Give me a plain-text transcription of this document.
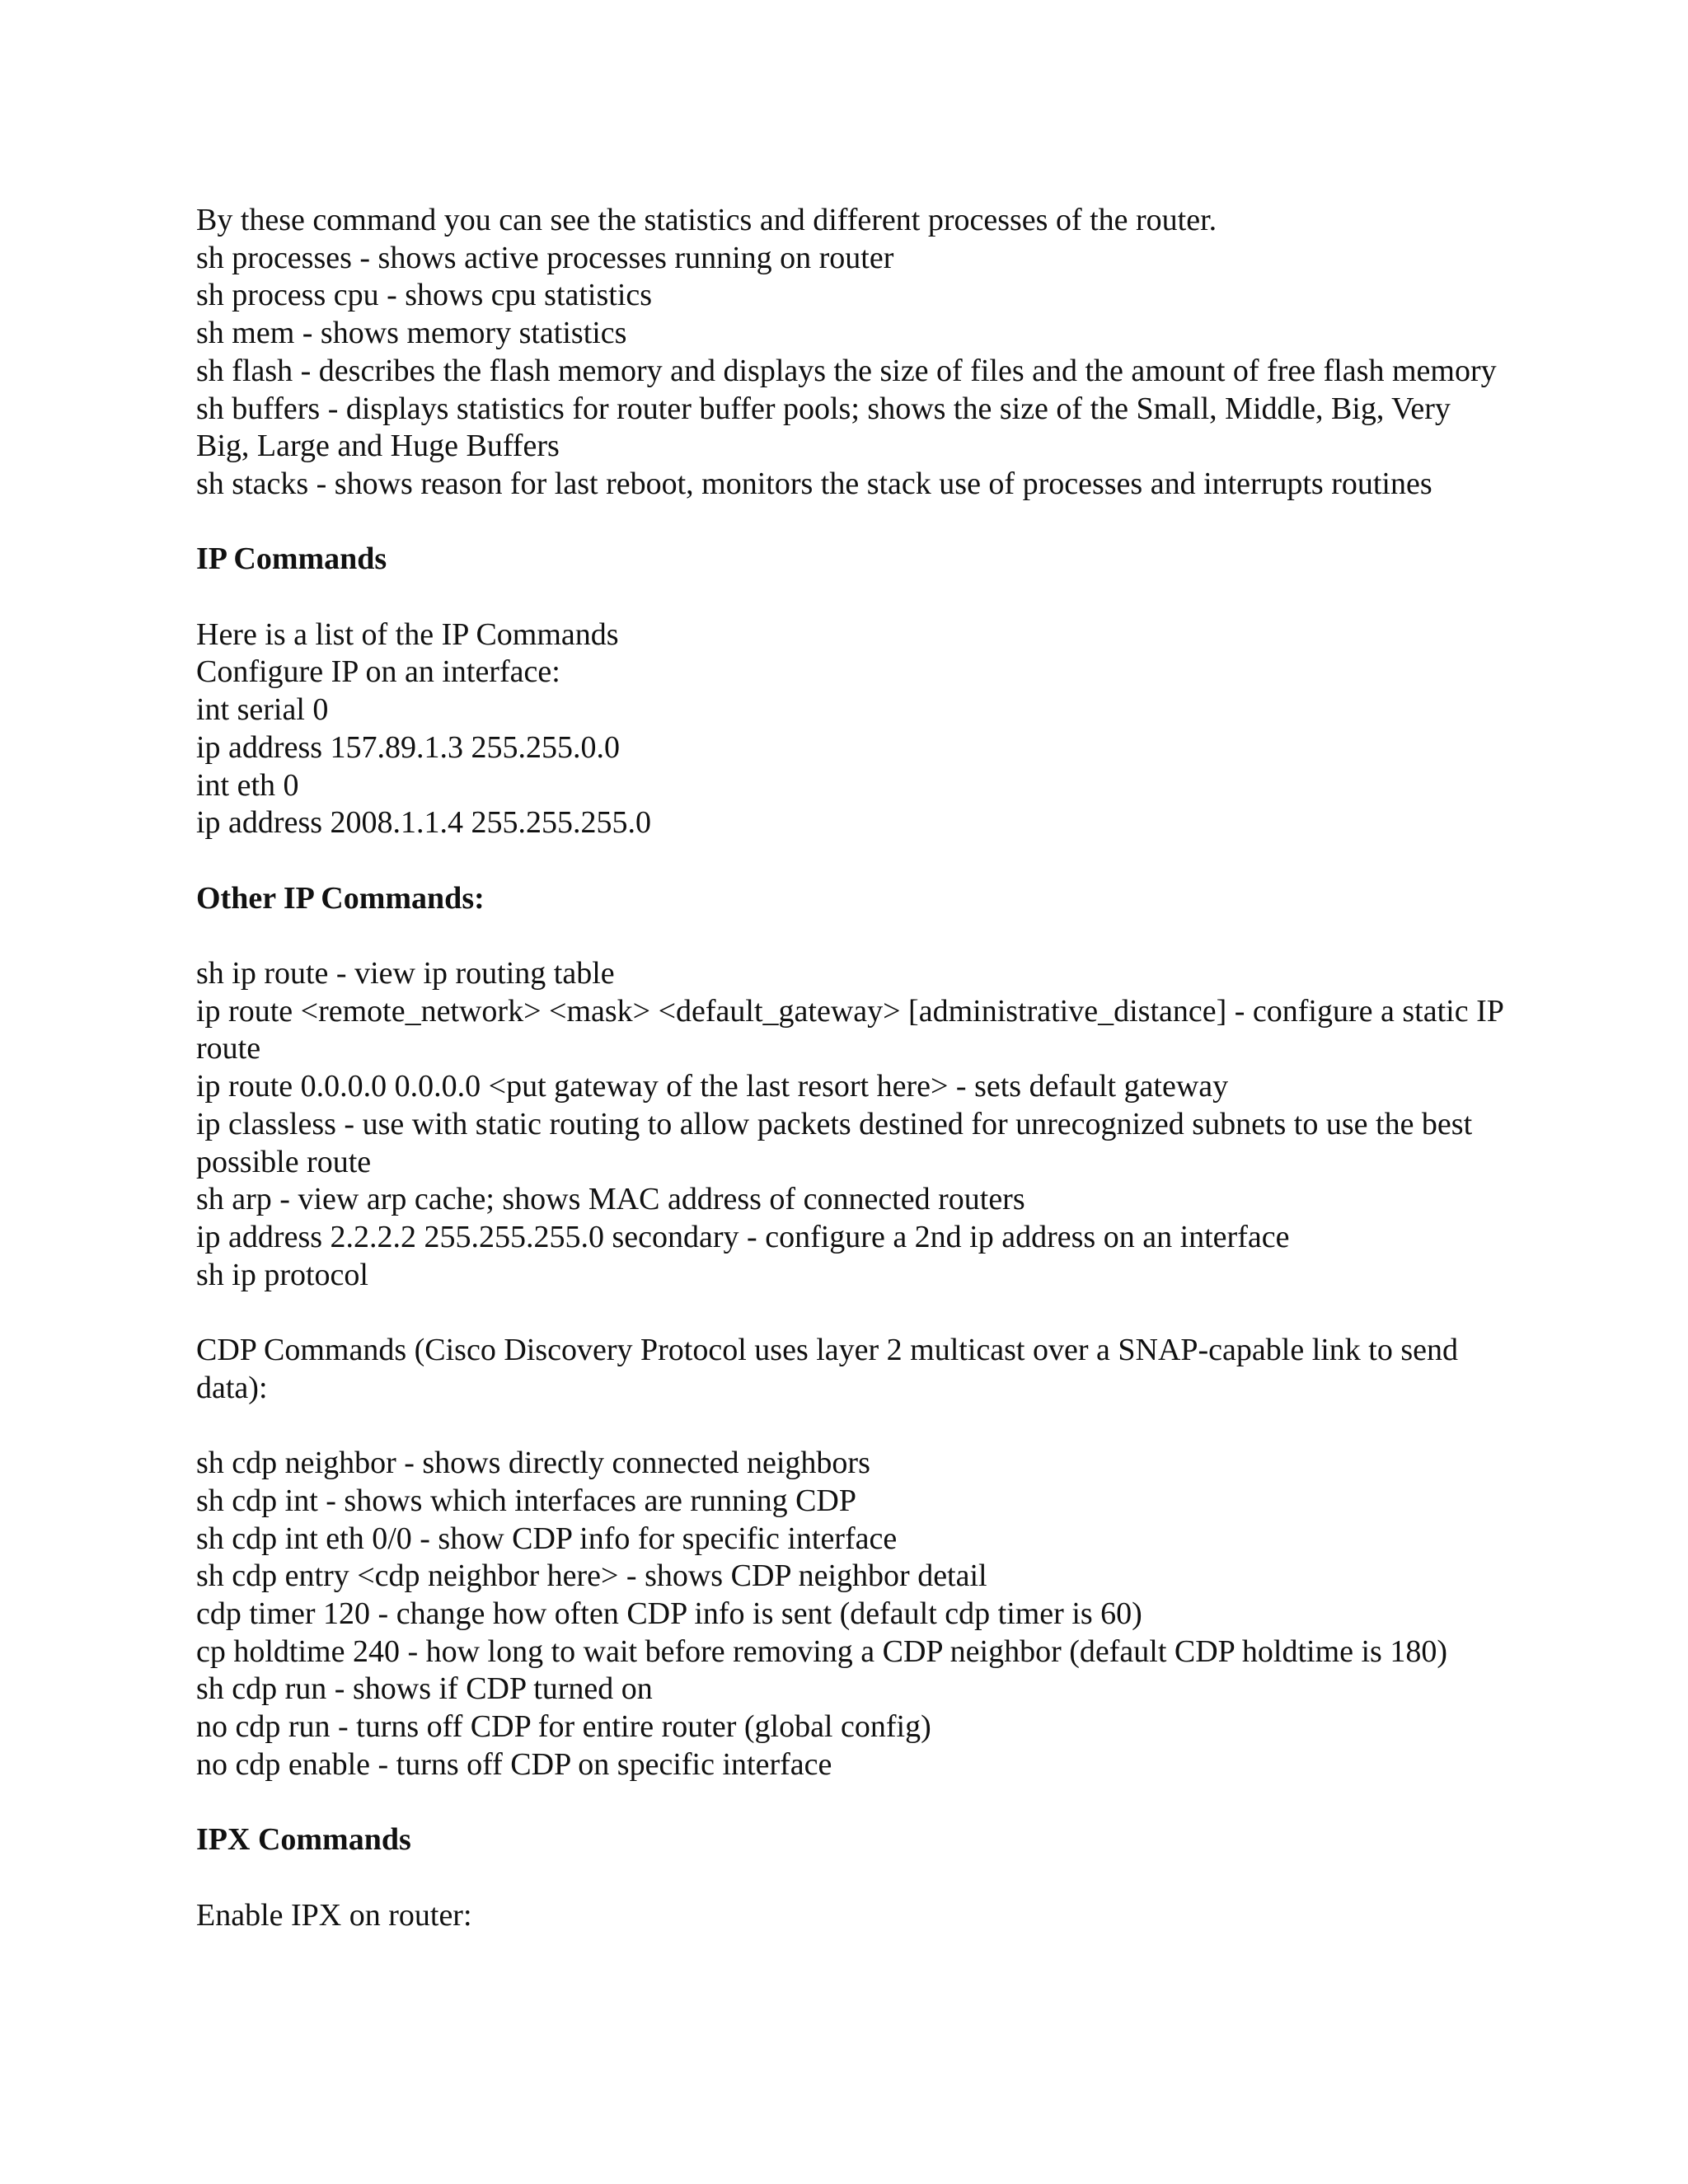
By these command you can see the statistics and different processes of the router.

sh processes - shows active processes running on router

sh process cpu - shows cpu statistics

sh mem - shows memory statistics

sh flash - describes the flash memory and displays the size of files and the amount of free flash memory

sh buffers - displays statistics for router buffer pools; shows the size of the Small, Middle, Big, Very

Big, Large and Huge Buffers

sh stacks - shows reason for last reboot, monitors the stack use of processes and interrupts routines

IP Commands

Here is a list of the IP Commands

Configure IP on an interface:

int serial 0

ip address 157.89.1.3 255.255.0.0

int eth 0

ip address 2008.1.1.4 255.255.255.0

Other IP Commands:

sh ip route - view ip routing table

ip route <remote_network> <mask> <default_gateway> [administrative_distance] - configure a static IP

route

ip route 0.0.0.0 0.0.0.0 <put gateway of the last resort here> - sets default gateway

ip classless - use with static routing to allow packets destined for unrecognized subnets to use the best

possible route

sh arp - view arp cache; shows MAC address of connected routers

ip address 2.2.2.2 255.255.255.0 secondary - configure a 2nd ip address on an interface

sh ip protocol

CDP Commands (Cisco Discovery Protocol uses layer 2 multicast over a SNAP-capable link to send

data):

sh cdp neighbor - shows directly connected neighbors

sh cdp int - shows which interfaces are running CDP

sh cdp int eth 0/0 - show CDP info for specific interface

sh cdp entry <cdp neighbor here> - shows CDP neighbor detail

cdp timer 120 - change how often CDP info is sent (default cdp timer is 60)

cp holdtime 240 - how long to wait before removing a CDP neighbor (default CDP holdtime is 180)

sh cdp run - shows if CDP turned on

no cdp run - turns off CDP for entire router (global config)

no cdp enable - turns off CDP on specific interface

IPX Commands

Enable IPX on router:
